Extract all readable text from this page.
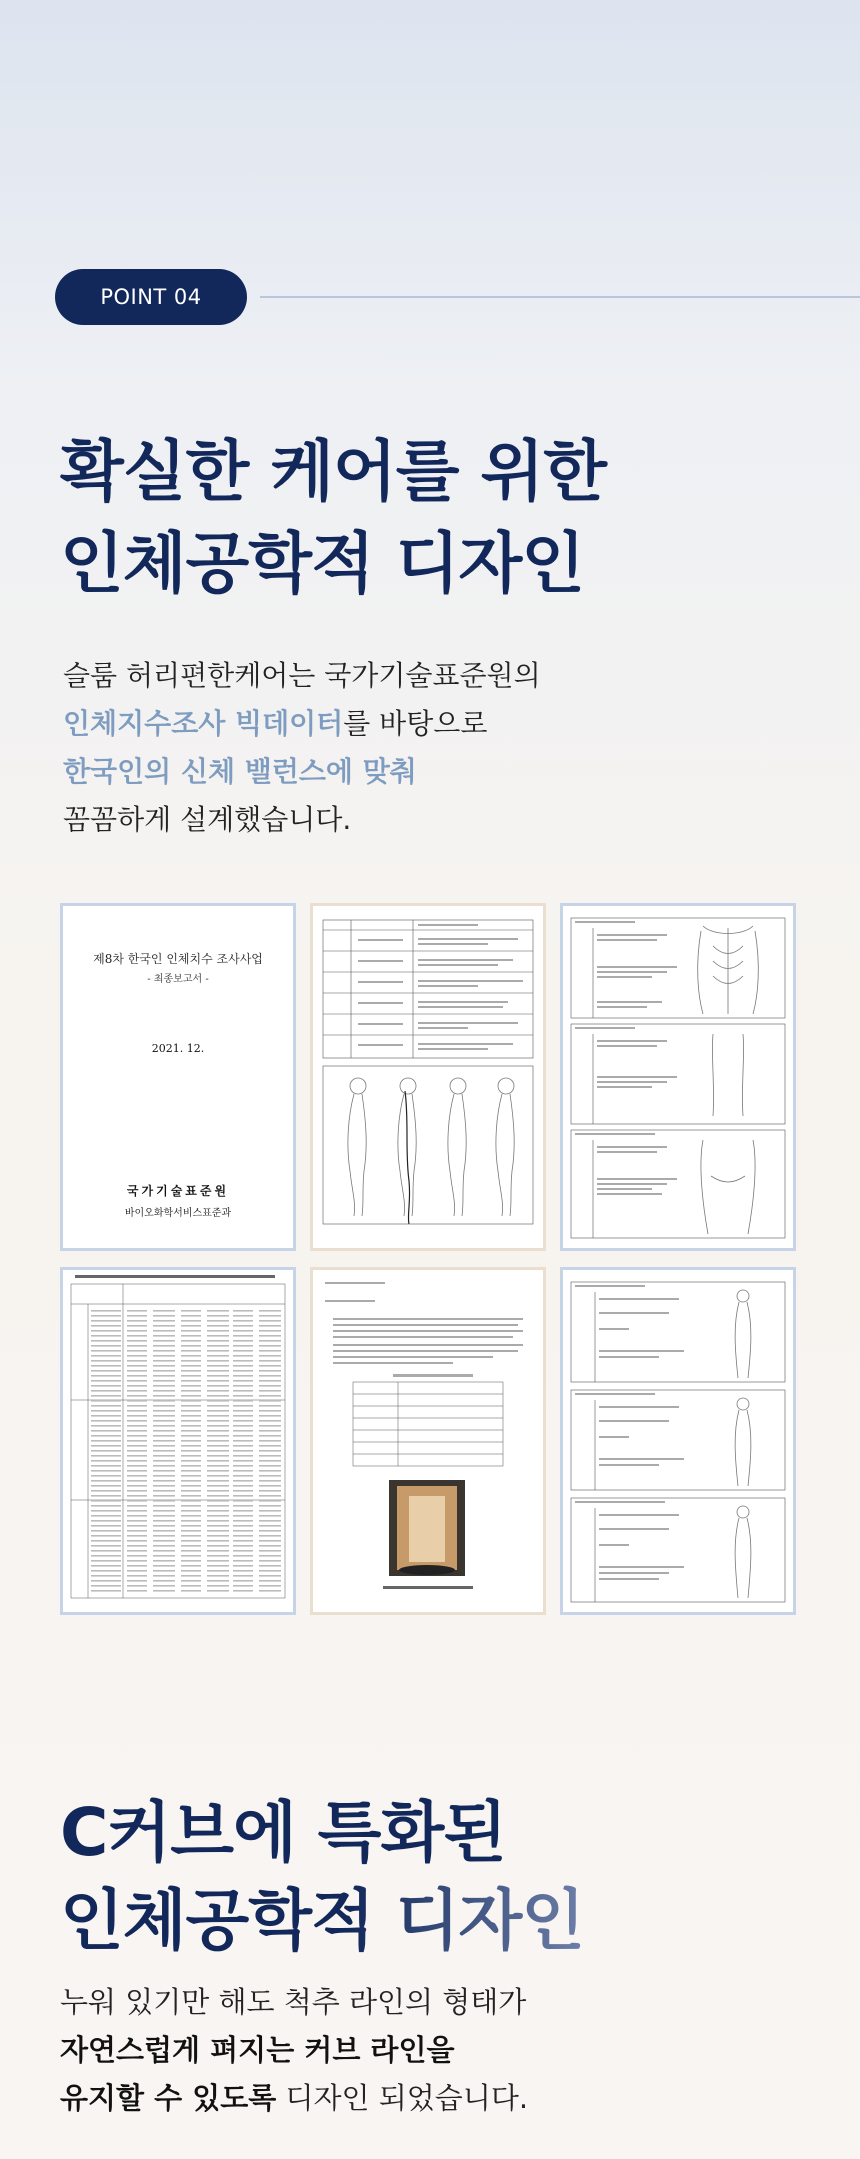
POINT 04
확실한 케어를 위한
인체공학적 디자인
슬룸 허리편한케어는 국가기술표준원의
인체지수조사 빅데이터를 바탕으로
한국인의 신체 밸런스에 맞춰
꼼꼼하게 설계했습니다.
제8차 한국인 인체치수 조사사업
- 최종보고서 -
2021. 12.
국가기술표준원
바이오화학서비스표준과
C커브에 특화된
인체공학적 디자인
누워 있기만 해도 척추 라인의 형태가
자연스럽게 펴지는 커브 라인을
유지할 수 있도록 디자인 되었습니다.
